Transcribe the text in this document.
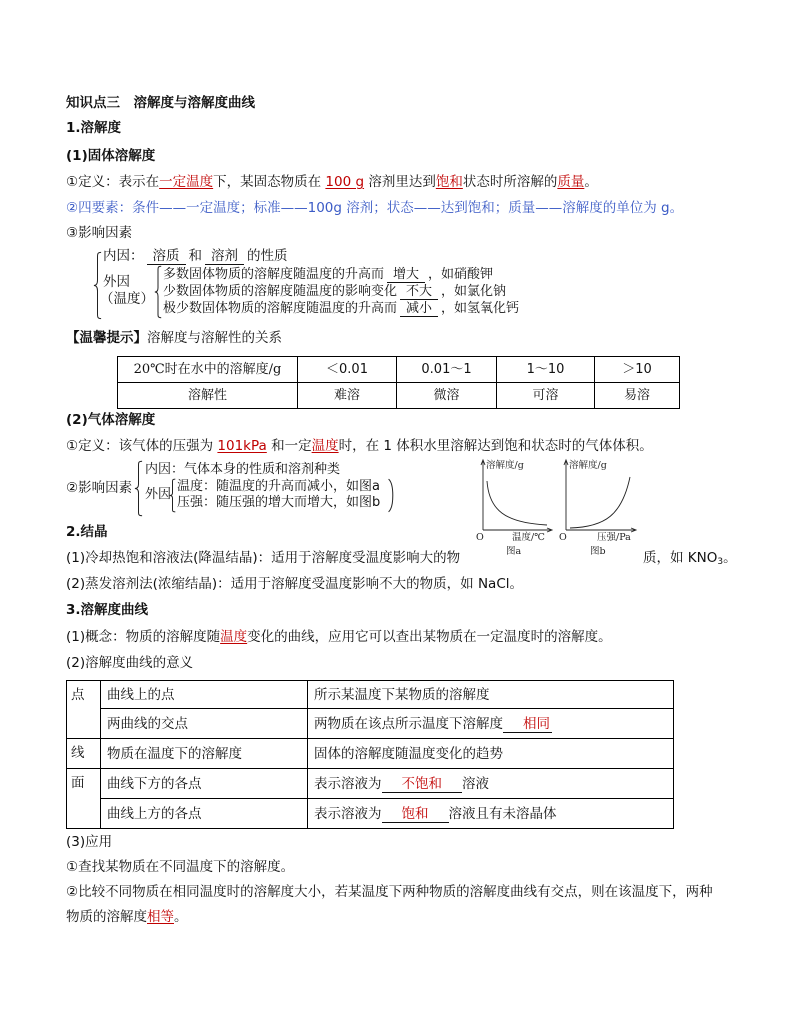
知识点三　溶解度与溶解度曲线
1.溶解度
(1)固体溶解度
①定义：表示在一定温度下，某固态物质在 100 g 溶剂里达到饱和状态时所溶解的质量。
②四要素：条件——一定温度；标准——100g 溶剂；状态——达到饱和；质量——溶解度的单位为 g。
③影响因素
内因： 溶质 和 溶剂 的性质
外因
（温度）
多数固体物质的溶解度随温度的升高而 增大 ，如硝酸钾
少数固体物质的溶解度随温度的影响变化 不大 ，如氯化钠
极少数固体物质的溶解度随温度的升高而 减小 ，如氢氧化钙
【温馨提示】溶解度与溶解性的关系
20℃时在水中的溶解度/g	＜0.01	0.01～1	1～10	＞10
溶解性	难溶	微溶	可溶	易溶
(2)气体溶解度
①定义：该气体的压强为 101kPa 和一定温度时，在 1 体积水里溶解达到饱和状态时的气体体积。
②影响因素
内因：气体本身的性质和溶剂种类
外因
温度：随温度的升高而减小，如图a
压强：随压强的增大而增大，如图b
溶解度/g
O	温度/℃
图a
溶解度/g
O	压强/Pa
图b
2.结晶
(1)冷却热饱和溶液法(降温结晶)：适用于溶解度受温度影响大的物	质，如 $KNO_3$。
(2)蒸发溶剂法(浓缩结晶)：适用于溶解度受温度影响不大的物质，如 NaCl。
3.溶解度曲线
(1)概念：物质的溶解度随温度变化的曲线，应用它可以查出某物质在一定温度时的溶解度。
(2)溶解度曲线的意义
点	曲线上的点	所示某温度下某物质的溶解度
	两曲线的交点	两物质在该点所示温度下溶解度 相同
线	物质在温度下的溶解度	固体的溶解度随温度变化的趋势
面	曲线下方的各点	表示溶液为 不饱和 溶液
	曲线上方的各点	表示溶液为 饱和 溶液且有未溶晶体
(3)应用
①查找某物质在不同温度下的溶解度。
②比较不同物质在相同温度时的溶解度大小，若某温度下两种物质的溶解度曲线有交点，则在该温度下，两种
物质的溶解度相等。
